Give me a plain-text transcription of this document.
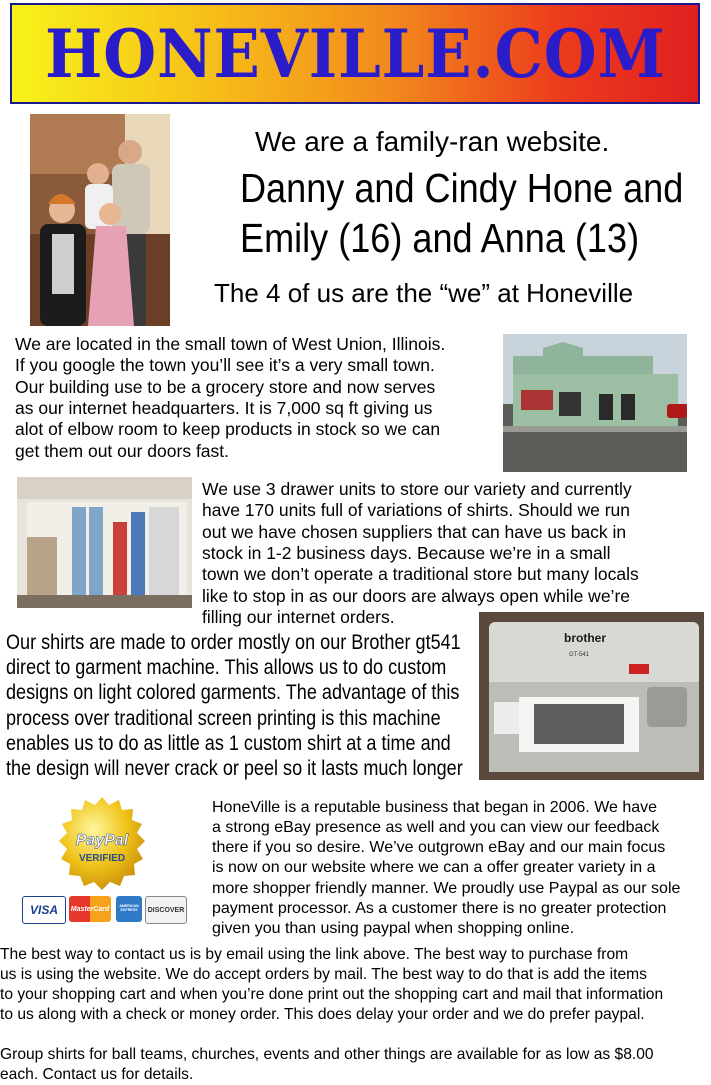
HONEVILLE.COM
We are a family-ran website.
Danny and Cindy Hone and
Emily (16) and Anna (13)
The 4 of us are the “we” at Honeville
We are located in the small town of West Union, Illinois.
If you google the town you’ll see it’s a very small town.
Our building use to be a grocery store and now serves
as our internet headquarters. It is 7,000 sq ft giving us
alot of elbow room to keep products in stock so we can
get them out our doors fast.
We use 3 drawer units to store our variety and currently
have 170 units full of variations of shirts. Should we run
out we have chosen suppliers that can have us back in
stock in 1-2 business days. Because we’re in a small
town we don’t operate a traditional store but many locals
like to stop in as our doors are always open while we’re
filling our internet orders.
Our shirts are made to order mostly on our Brother gt541
direct to garment machine. This allows us to do custom
designs on light colored garments. The advantage of this
process over traditional screen printing is this machine
enables us to do as little as 1 custom shirt at a time and
the design will never crack or peel so it lasts much longer
brother
GT-541
PayPal
VERIFIED
VISA MasterCard	AMERICAN EXPRESS	DISCOVER
HoneVille is a reputable business that began in 2006. We have
a strong eBay presence as well and you can view our feedback
there if you so desire. We’ve outgrown eBay and our main focus
is now on our website where we can a offer greater variety in a
more shopper friendly manner. We proudly use Paypal as our sole
payment processor. As a customer there is no greater protection
given you than using paypal when shopping online.
The best way to contact us is by email using the link above. The best way to purchase from
us is using the website. We do accept orders by mail. The best way to do that is add the items
to your shopping cart and when you’re done print out the shopping cart and mail that information
to us along with a check or money order. This does delay your order and we do prefer paypal.
Group shirts for ball teams, churches, events and other things are available for as low as $8.00
each. Contact us for details.
